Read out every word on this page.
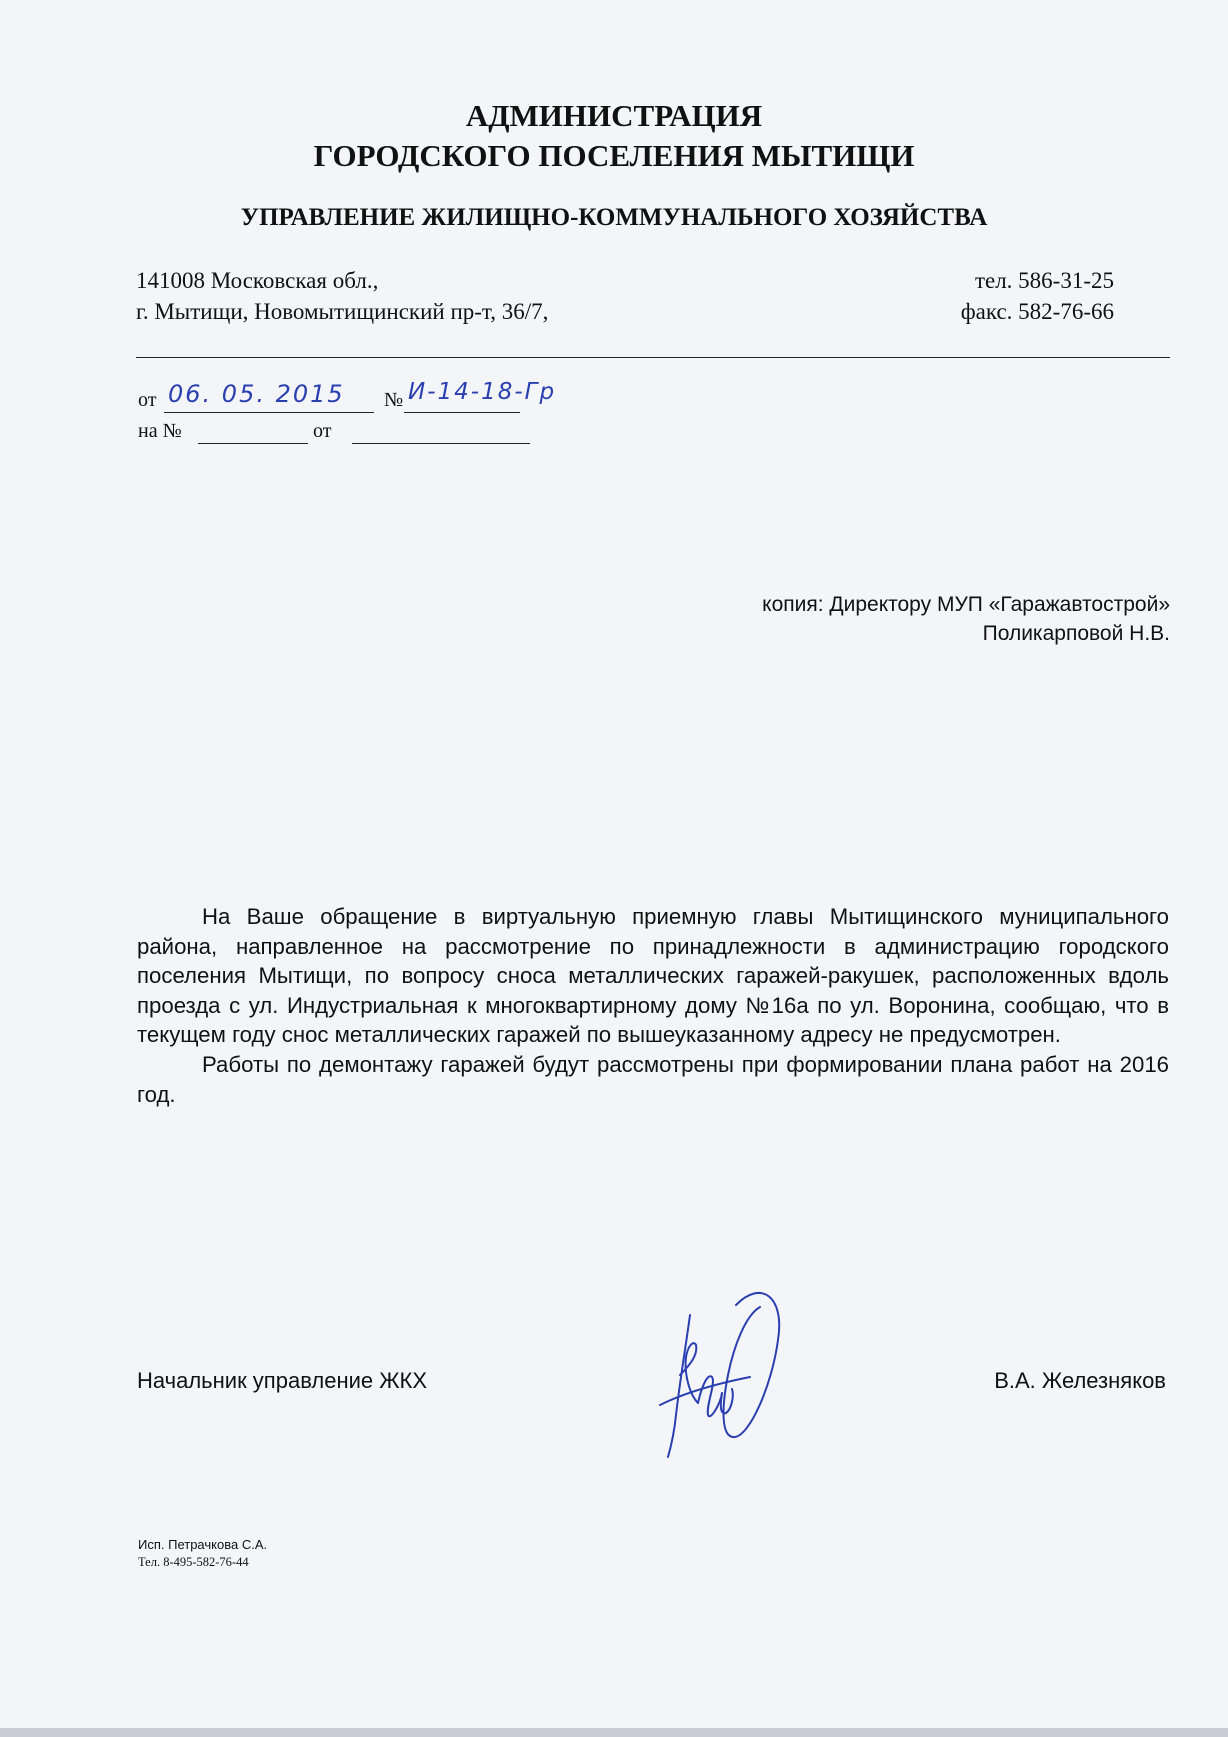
АДМИНИСТРАЦИЯ
ГОРОДСКОГО ПОСЕЛЕНИЯ МЫТИЩИ
УПРАВЛЕНИЕ ЖИЛИЩНО-КОММУНАЛЬНОГО ХОЗЯЙСТВА
141008 Московская обл.,
г. Мытищи, Новомытищинский пр-т, 36/7,
тел. 586-31-25
факс. 582-76-66
от 06. 05. 2015 № И-14-18-Гр
на №	от
копия: Директору МУП «Гаражавтострой»
Поликарповой Н.В.

На Ваше обращение в виртуальную приемную главы Мытищинского муниципального района, направленное на рассмотрение по принадлежности в администрацию городского поселения Мытищи, по вопросу сноса металлических гаражей-ракушек, расположенных вдоль проезда с ул. Индустриальная к многоквартирному дому №16а по ул. Воронина, сообщаю, что в текущем году снос металлических гаражей по вышеуказанному адресу не предусмотрен.

Работы по демонтажу гаражей будут рассмотрены при формировании плана работ на 2016 год.

Начальник управление ЖКХ	В.А. Железняков
Исп. Петрачкова С.А.
Тел. 8-495-582-76-44
